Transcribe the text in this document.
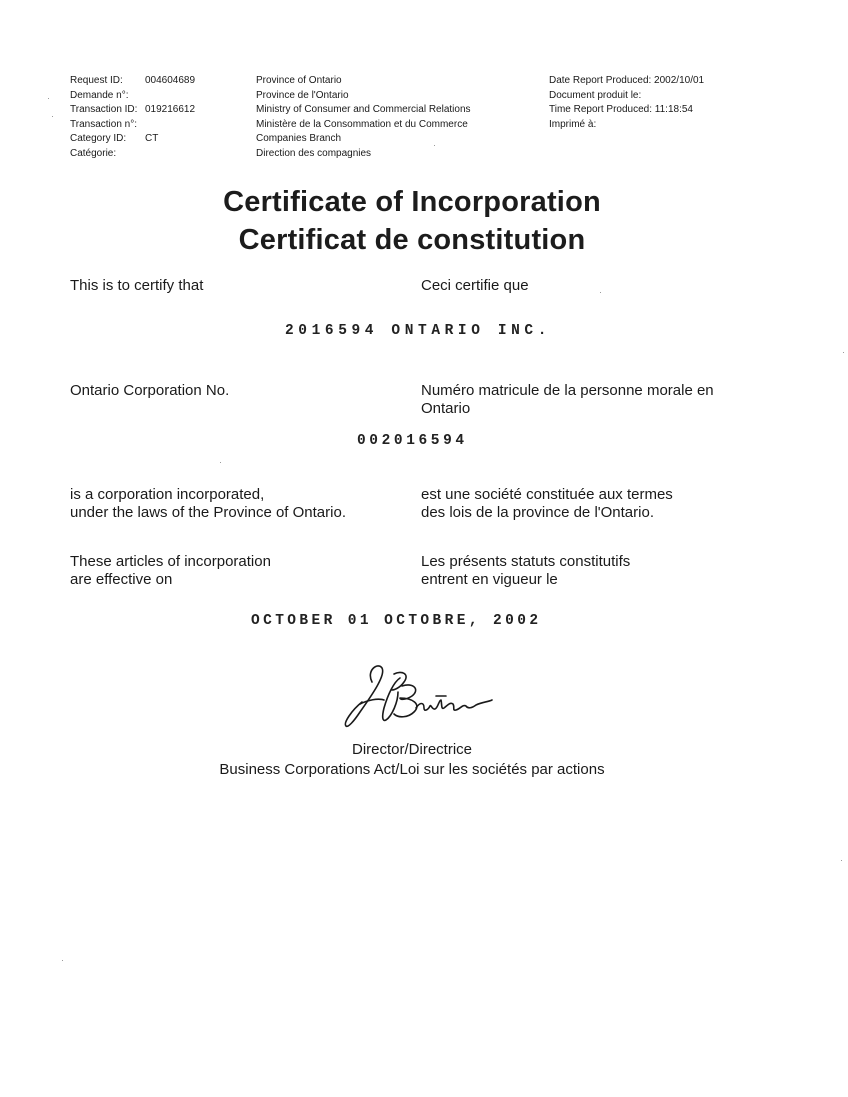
Request ID: 004604689
Demande n°:
Transaction ID: 019216612
Transaction n°:
Category ID: CT
Catégorie:
Province of Ontario
Province de l'Ontario
Ministry of Consumer and Commercial Relations
Ministère de la Consommation et du Commerce
Companies Branch
Direction des compagnies
Date Report Produced: 2002/10/01
Document produit le:
Time Report Produced: 11:18:54
Imprimé à:
Certificate of Incorporation
Certificat de constitution
This is to certify that	Ceci certifie que
2016594 ONTARIO INC.
Ontario Corporation No.	Numéro matricule de la personne morale en
Ontario
002016594
is a corporation incorporated,
under the laws of the Province of Ontario.
est une société constituée aux termes
des lois de la province de l'Ontario.
These articles of incorporation
are effective on
Les présents statuts constitutifs
entrent en vigueur le
OCTOBER 01 OCTOBRE, 2002
Director/Directrice
Business Corporations Act/Loi sur les sociétés par actions
